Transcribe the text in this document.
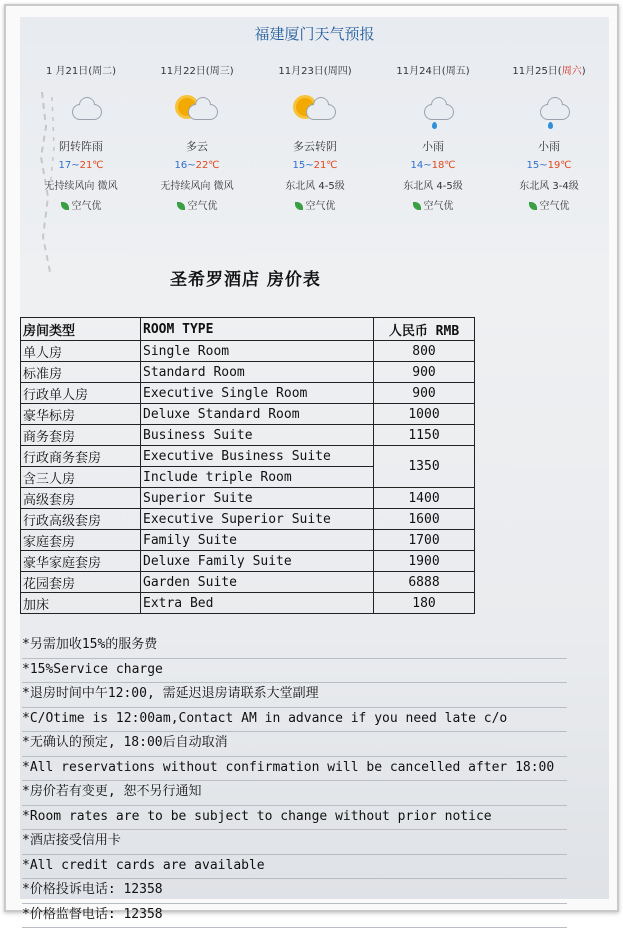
福建厦门天气预报
1 月21日(周二)
阴转阵雨
17~21℃
无持续风向 微风
空气优
11月22日(周三)
多云
16~22℃
无持续风向 微风
空气优
11月23日(周四)
多云转阴
15~21℃
东北风 4-5级
空气优
11月24日(周五)
小雨
14~18℃
东北风 4-5级
空气优
11月25日(周六)
小雨
15~19℃
东北风 3-4级
空气优
圣希罗酒店 房价表
房间类型	ROOM TYPE	人民币 RMB
单人房	Single Room	800
标准房	Standard Room	900
行政单人房	Executive Single Room	900
豪华标房	Deluxe Standard Room	1000
商务套房	Business Suite	1150
行政商务套房	Executive Business Suite	1350
含三人房	Include triple Room	
高级套房	Superior Suite	1400
行政高级套房	Executive Superior Suite	1600
家庭套房	Family Suite	1700
豪华家庭套房	Deluxe Family Suite	1900
花园套房	Garden Suite	6888
加床	Extra Bed	180
*另需加收15%的服务费
*15%Service charge
*退房时间中午12:00, 需延迟退房请联系大堂副理
*C/Otime is 12:00am,Contact AM in advance if you need late c/o
*无确认的预定, 18:00后自动取消
*All reservations without confirmation will be cancelled after 18:00
*房价若有变更, 恕不另行通知
*Room rates are to be subject to change without prior notice
*酒店接受信用卡
*All credit cards are available
*价格投诉电话: 12358
*价格监督电话: 12358
